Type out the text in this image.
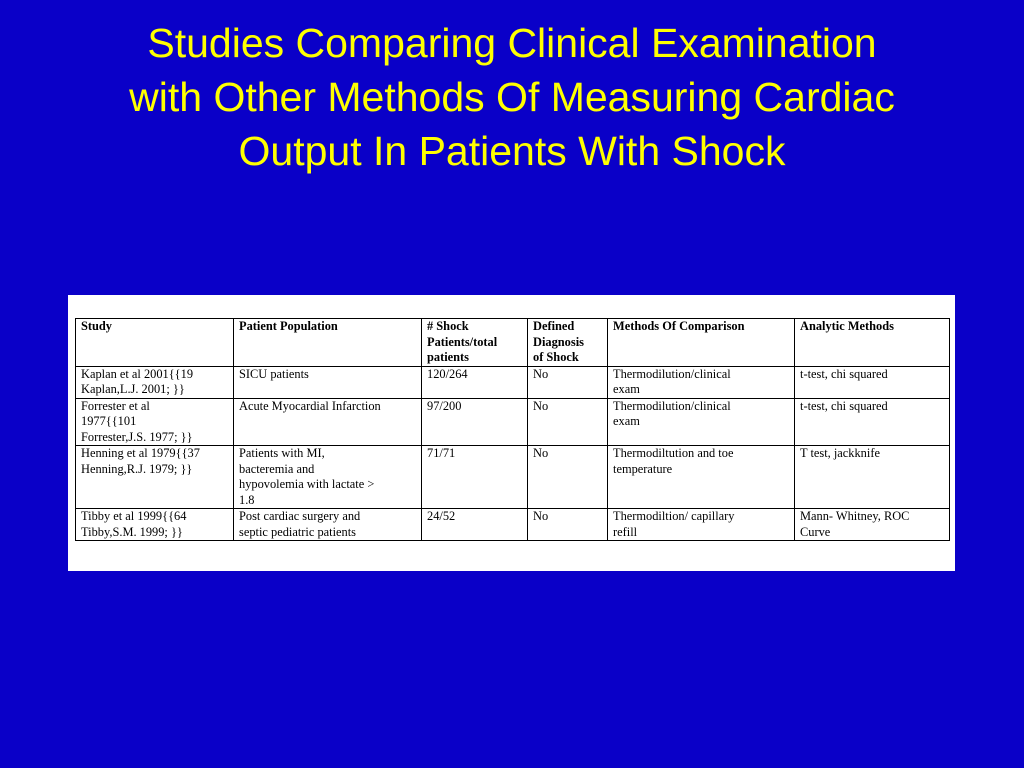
Studies Comparing Clinical Examination
with Other Methods Of Measuring Cardiac
Output In Patients With Shock
Study	Patient Population	# Shock
Patients/total
patients	Defined
Diagnosis
of Shock	Methods Of Comparison	Analytic Methods

Kaplan et al 2001{{19
Kaplan,L.J. 2001; }}	SICU patients	120/264	No	Thermodilution/clinical
exam	t-test, chi squared

Forrester et al
1977{{101
Forrester,J.S. 1977; }}	Acute Myocardial Infarction	97/200	No	Thermodilution/clinical
exam	t-test, chi squared

Henning et al 1979{{37
Henning,R.J. 1979; }}	Patients with MI,
bacteremia and
hypovolemia with lactate >
1.8	71/71	No	Thermodiltution and toe
temperature	T test, jackknife

Tibby et al 1999{{64
Tibby,S.M. 1999; }}	Post cardiac surgery and
septic pediatric patients	24/52	No	Thermodiltion/ capillary
refill	Mann- Whitney, ROC
Curve
